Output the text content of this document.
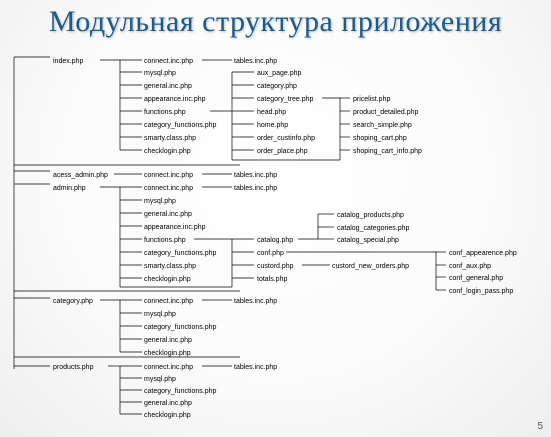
Модульная структура приложения
index.php	connect.inc.php	tables.inc.php
mysql.php
general.inc.php
appearance.inc.php
functions.php
category_functions.php
smarty.class.php
checklogin.php
aux_page.php
category.php
category_tree.php
head.php
home.php
order_custinfo.php
order_place.php
pricelist.php
product_detailed.php
search_simple.php
shoping_cart.php
shoping_cart_info.php
acess_admin.php	connect.inc.php	tables.inc.php
admin.php	connect.inc.php	tables.inc.php
mysql.php
general.inc.php
appearance.inc.php
functions.php
category_functions.php
smarty.class.php
checklogin.php
catalog.php
conf.php
custord.php
totals.php
catalog_products.php
catalog_categories.php
catalog_special.php
custord_new_orders.php
conf_appearence.php
conf_aux.php
conf_general.php
conf_login_pass.php
category.php	connect.inc.php	tables.inc.php
mysql.php
category_functions.php
general.inc.php
checklogin.php
products.php	connect.inc.php	tables.inc.php
mysql.php
category_functions.php
general.inc.php
checklogin.php
5
